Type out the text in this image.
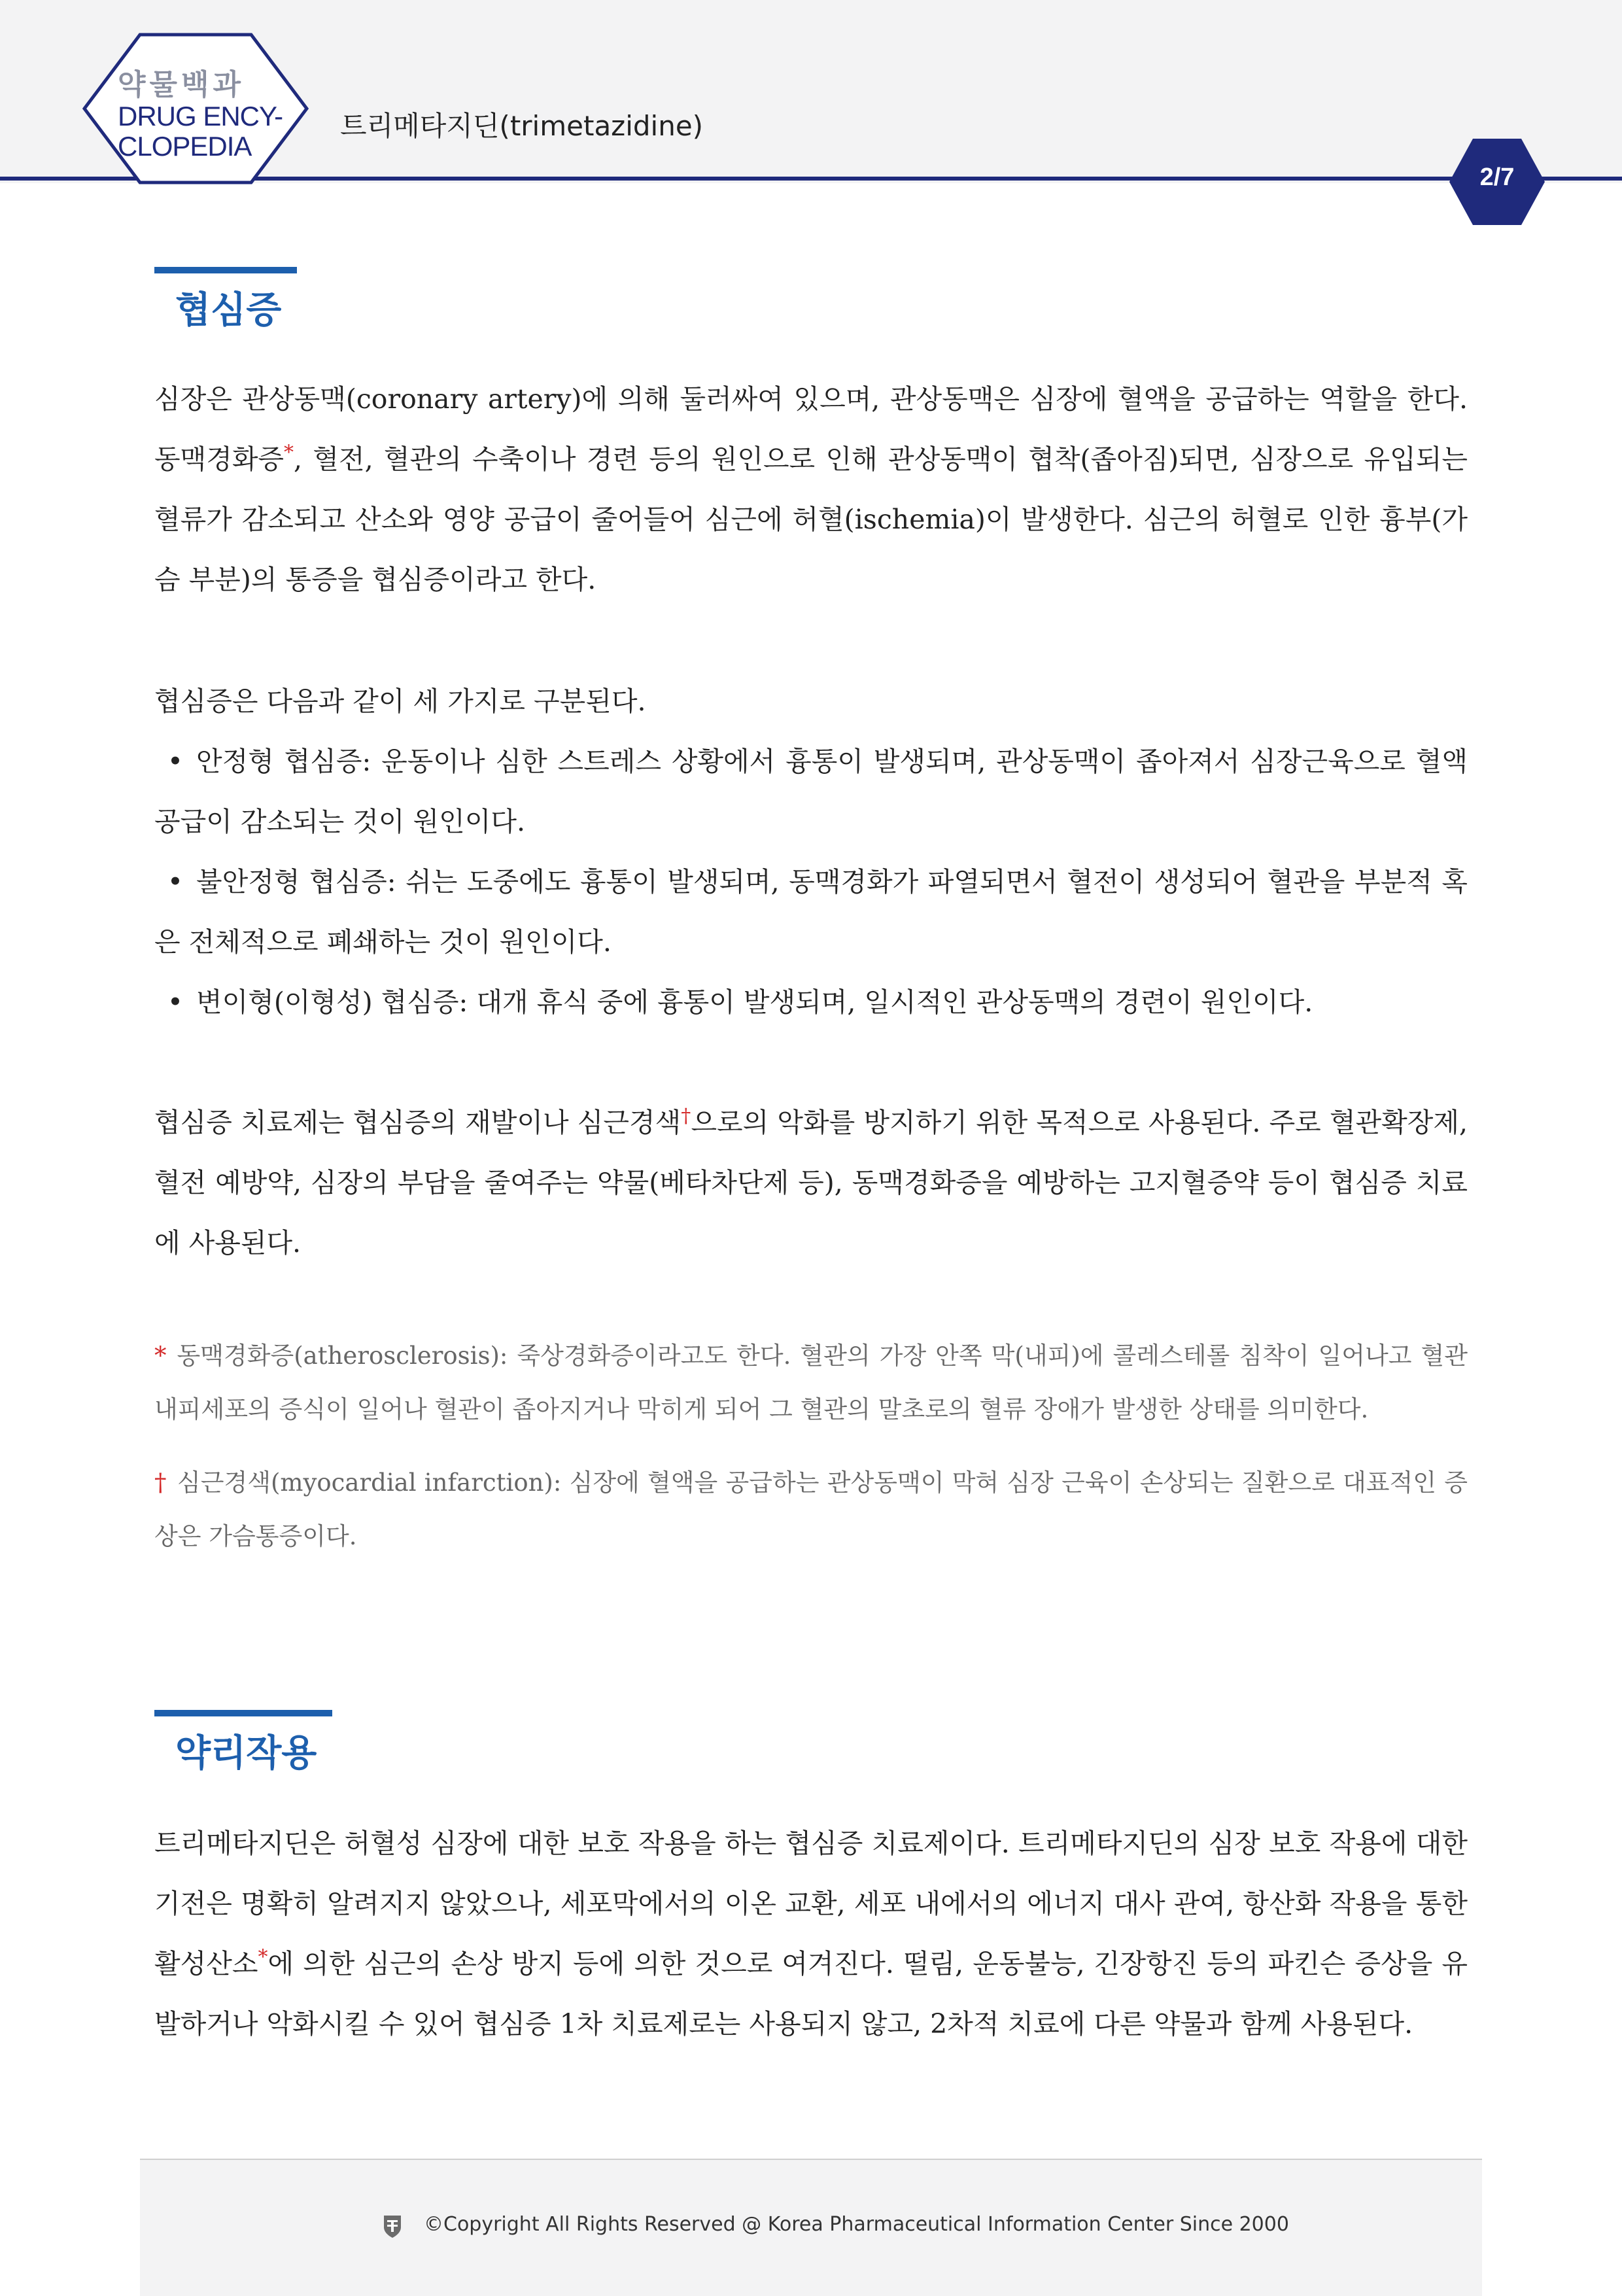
약물백과
DRUG ENCY-
CLOPEDIA
트리메타지딘(trimetazidine)
2/7
협심증

심장은 관상동맥(coronary artery)에 의해 둘러싸여 있으며, 관상동맥은 심장에 혈액을 공급하는 역할을 한다. 동맥경화증*, 혈전, 혈관의 수축이나 경련 등의 원인으로 인해 관상동맥이 협착(좁아짐)되면, 심장으로 유입되는 혈류가 감소되고 산소와 영양 공급이 줄어들어 심근에 허혈(ischemia)이 발생한다. 심근의 허혈로 인한 흉부(가슴 부분)의 통증을 협심증이라고 한다.

협심증은 다음과 같이 세 가지로 구분된다.

• 안정형 협심증: 운동이나 심한 스트레스 상황에서 흉통이 발생되며, 관상동맥이 좁아져서 심장근육으로 혈액공급이 감소되는 것이 원인이다.

• 불안정형 협심증: 쉬는 도중에도 흉통이 발생되며, 동맥경화가 파열되면서 혈전이 생성되어 혈관을 부분적 혹은 전체적으로 폐쇄하는 것이 원인이다.

• 변이형(이형성) 협심증: 대개 휴식 중에 흉통이 발생되며, 일시적인 관상동맥의 경련이 원인이다.

협심증 치료제는 협심증의 재발이나 심근경색†으로의 악화를 방지하기 위한 목적으로 사용된다. 주로 혈관확장제, 혈전 예방약, 심장의 부담을 줄여주는 약물(베타차단제 등), 동맥경화증을 예방하는 고지혈증약 등이 협심증 치료에 사용된다.

* 동맥경화증(atherosclerosis): 죽상경화증이라고도 한다. 혈관의 가장 안쪽 막(내피)에 콜레스테롤 침착이 일어나고 혈관 내피세포의 증식이 일어나 혈관이 좁아지거나 막히게 되어 그 혈관의 말초로의 혈류 장애가 발생한 상태를 의미한다.

† 심근경색(myocardial infarction): 심장에 혈액을 공급하는 관상동맥이 막혀 심장 근육이 손상되는 질환으로 대표적인 증상은 가슴통증이다.

약리작용

트리메타지딘은 허혈성 심장에 대한 보호 작용을 하는 협심증 치료제이다. 트리메타지딘의 심장 보호 작용에 대한 기전은 명확히 알려지지 않았으나, 세포막에서의 이온 교환, 세포 내에서의 에너지 대사 관여, 항산화 작용을 통한 활성산소*에 의한 심근의 손상 방지 등에 의한 것으로 여겨진다. 떨림, 운동불능, 긴장항진 등의 파킨슨 증상을 유발하거나 악화시킬 수 있어 협심증 1차 치료제로는 사용되지 않고, 2차적 치료에 다른 약물과 함께 사용된다.

©Copyright All Rights Reserved @ Korea Pharmaceutical Information Center Since 2000
